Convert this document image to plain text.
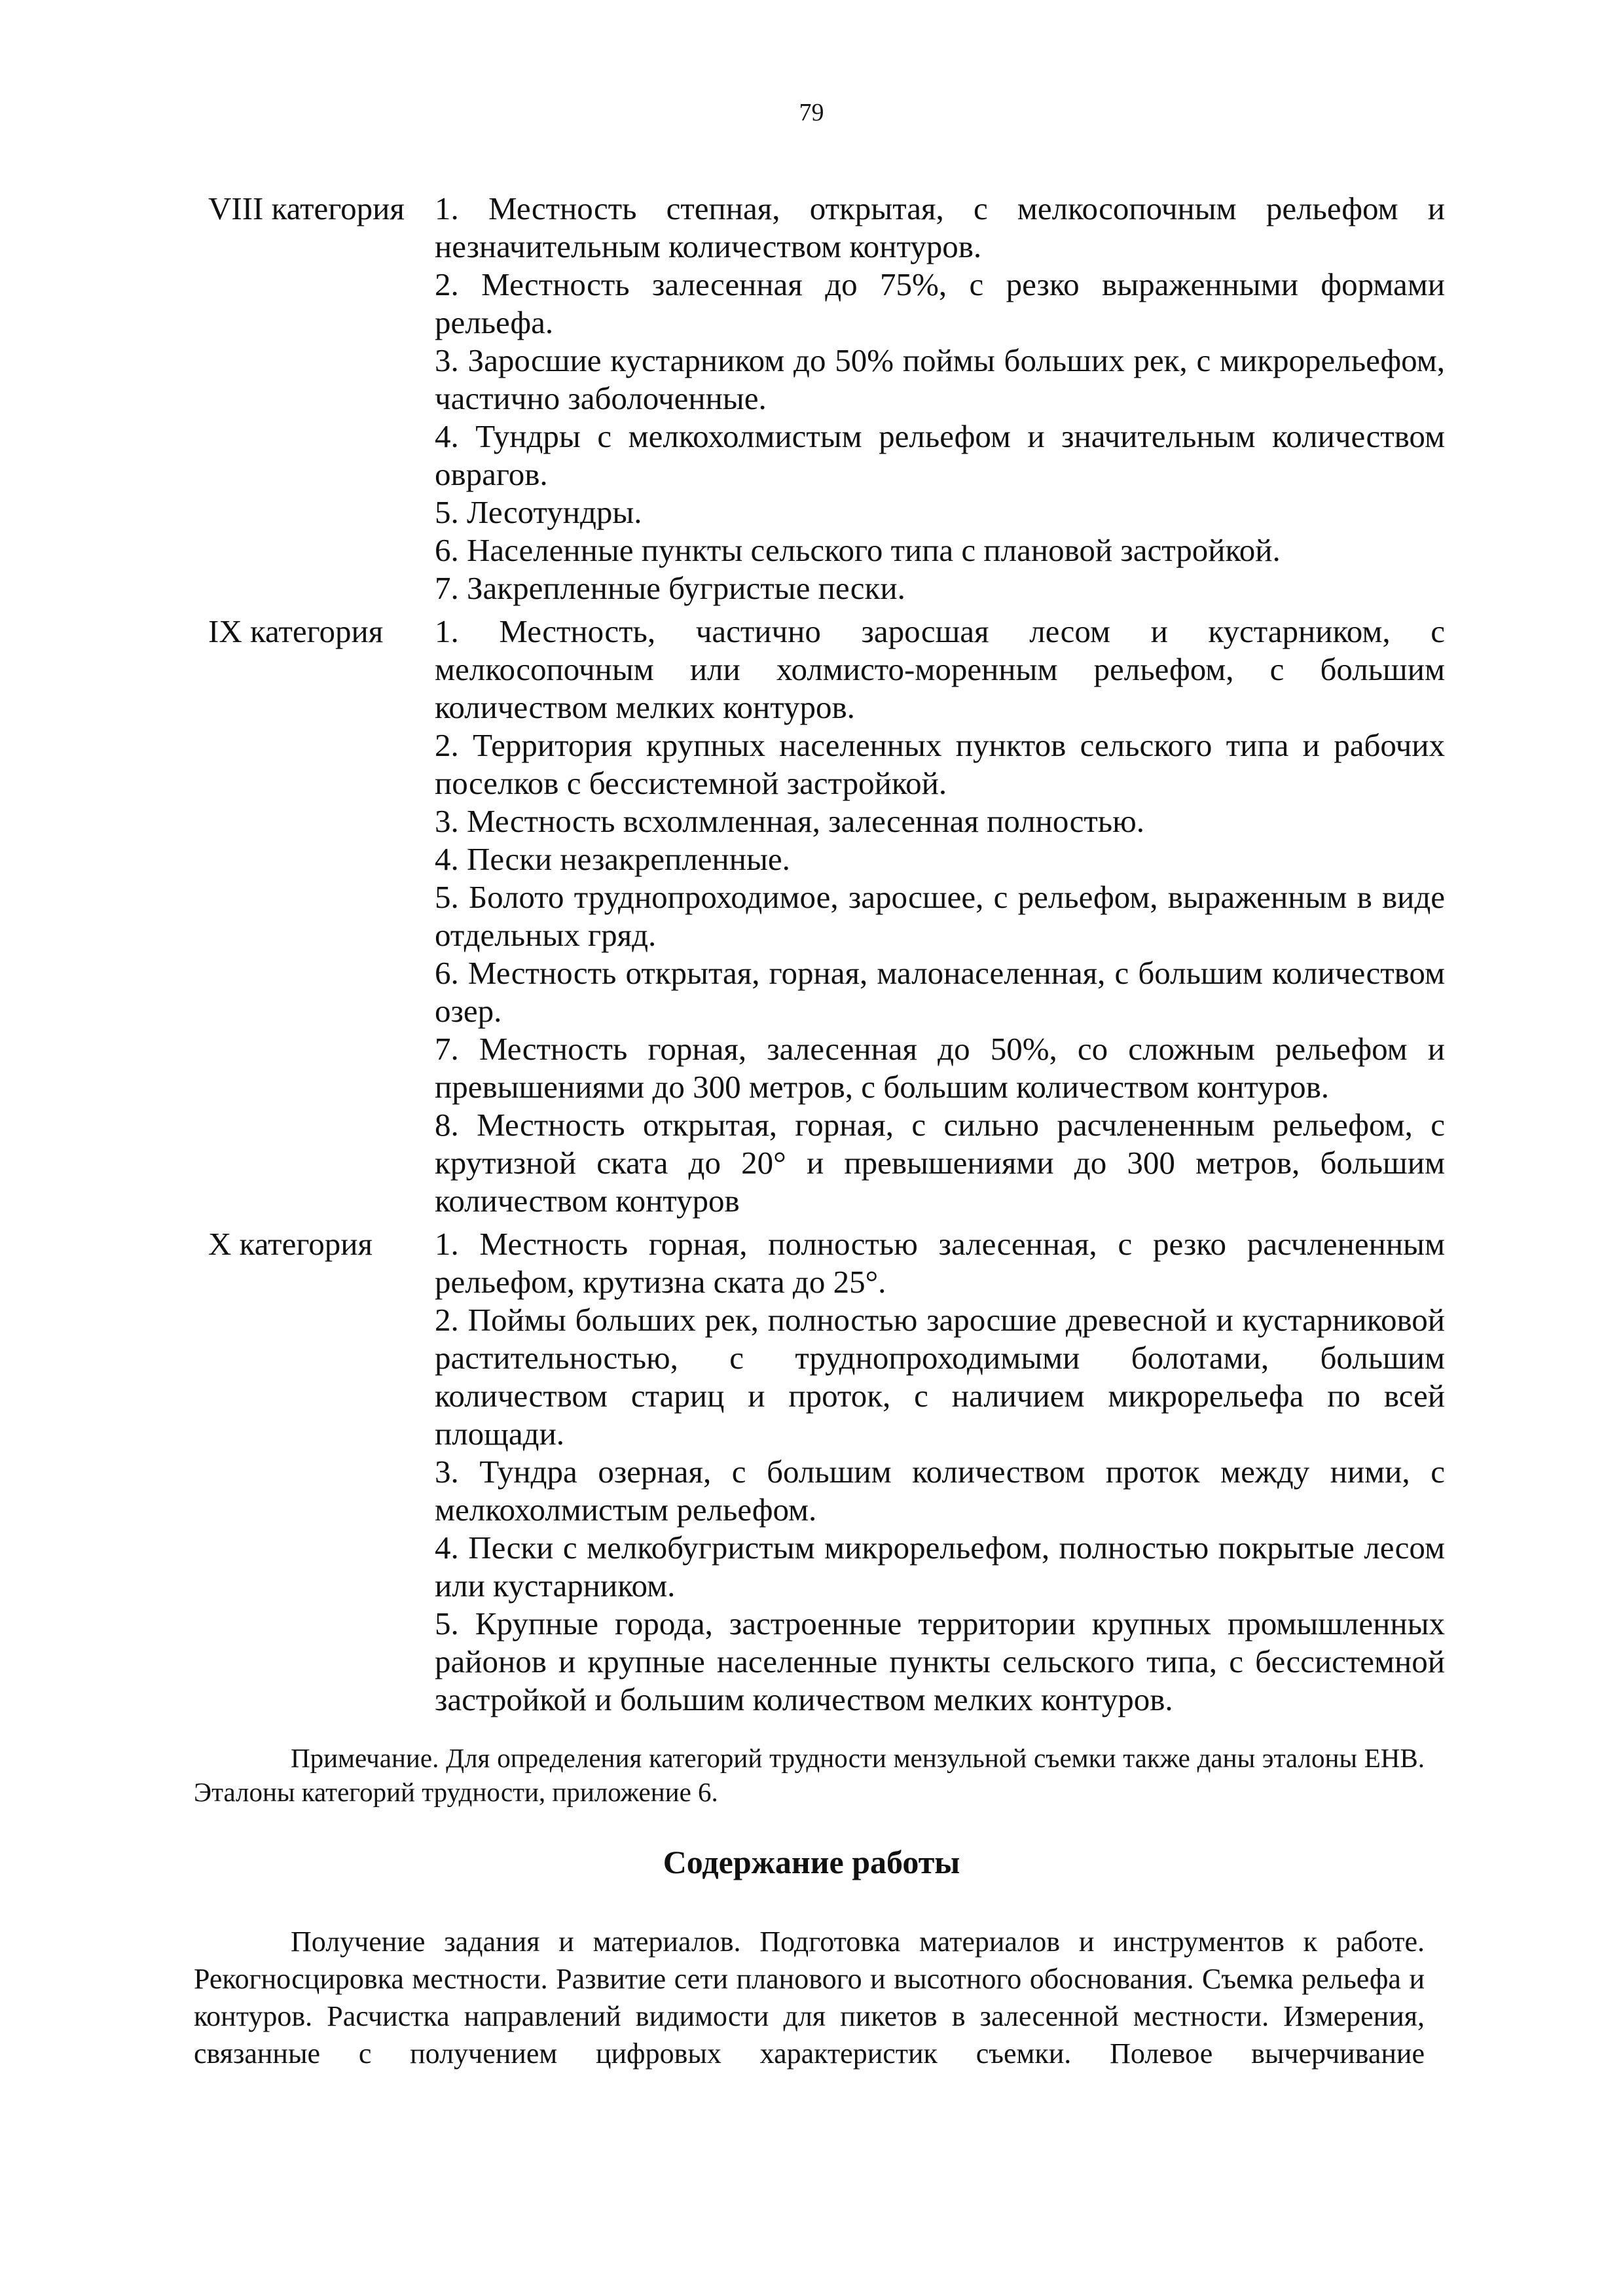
79
VIII категория 1. Местность степная, открытая, с мелкосопочным рельефом и незначительным количеством контуров.
2. Местность залесенная до 75%, с резко выраженными формами рельефа.
3. Заросшие кустарником до 50% поймы больших рек, с микрорельефом, частично заболоченные.
4. Тундры с мелкохолмистым рельефом и значительным количеством оврагов.
5. Лесотундры.
6. Населенные пункты сельского типа с плановой застройкой.
7. Закрепленные бугристые пески.
IX категория	1. Местность, частично заросшая лесом и кустарником, с мелкосопочным или холмисто-моренным рельефом, с большим количеством мелких контуров.
2. Территория крупных населенных пунктов сельского типа и рабочих поселков с бессистемной застройкой.
3. Местность всхолмленная, залесенная полностью.
4. Пески незакрепленные.
5. Болото труднопроходимое, заросшее, с рельефом, выраженным в виде отдельных гряд.
6. Местность открытая, горная, малонаселенная, с большим количеством озер.
7. Местность горная, залесенная до 50%, со сложным рельефом и превышениями до 300 метров, с большим количеством контуров.
8. Местность открытая, горная, с сильно расчлененным рельефом, с крутизной ската до 20° и превышениями до 300 метров, большим количеством контуров
X категория	1. Местность горная, полностью залесенная, с резко расчлененным рельефом, крутизна ската до 25°.
2. Поймы больших рек, полностью заросшие древесной и кустарниковой растительностью, с труднопроходимыми болотами, большим количеством стариц и проток, с наличием микрорельефа по всей площади.
3. Тундра озерная, с большим количеством проток между ними, с мелкохолмистым рельефом.
4. Пески с мелкобугристым микрорельефом, полностью покрытые лесом или кустарником.
5. Крупные города, застроенные территории крупных промышленных районов и крупные населенные пункты сельского типа, с бессистемной застройкой и большим количеством мелких контуров.
Примечание. Для определения категорий трудности мензульной съемки также даны эталоны ЕНВ. Эталоны категорий трудности, приложение 6.
Содержание работы
Получение задания и материалов. Подготовка материалов и инструментов к работе. Рекогносцировка местности. Развитие сети планового и высотного обоснования. Съемка рельефа и контуров. Расчистка направлений видимости для пикетов в залесенной местности. Измерения, связанные с получением цифровых характеристик съемки. Полевое вычерчивание
